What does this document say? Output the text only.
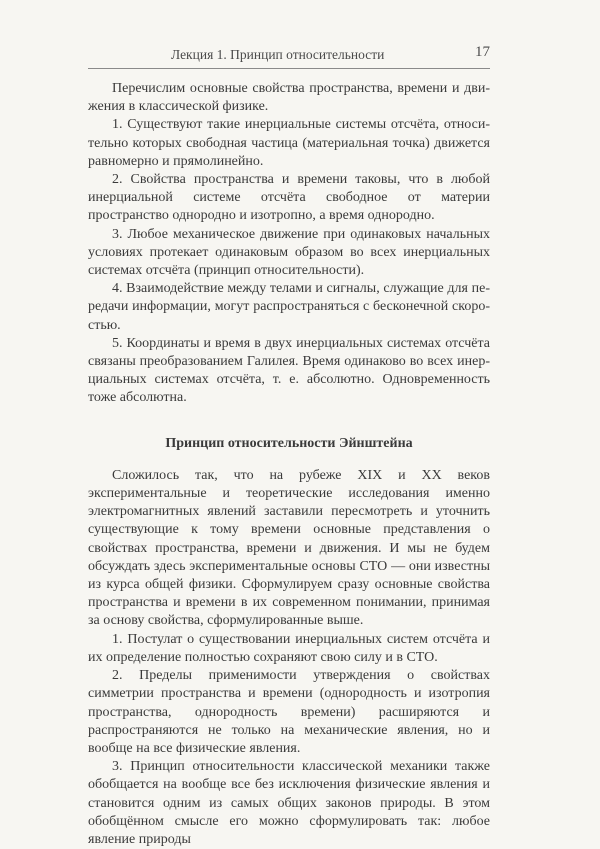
Лекция 1. Принцип относительности	17

Перечислим основные свойства пространства, времени и движения в классической физике.

1. Существуют такие инерциальные системы отсчёта, относительно которых свободная частица (материальная точка) движется равномерно и прямолинейно.

2. Свойства пространства и времени таковы, что в любой инерциальной системе отсчёта свободное от материи пространство однородно и изотропно, а время однородно.

3. Любое механическое движение при одинаковых начальных условиях протекает одинаковым образом во всех инерциальных системах отсчёта (принцип относительности).

4. Взаимодействие между телами и сигналы, служащие для передачи информации, могут распространяться с бесконечной скоростью.

5. Координаты и время в двух инерциальных системах отсчёта связаны преобразованием Галилея. Время одинаково во всех инерциальных системах отсчёта, т. е. абсолютно. Одновременность тоже абсолютна.

Принцип относительности Эйнштейна

Сложилось так, что на рубеже XIX и XX веков экспериментальные и теоретические исследования именно электромагнитных явлений заставили пересмотреть и уточнить существующие к тому времени основные представления о свойствах пространства, времени и движения. И мы не будем обсуждать здесь экспериментальные основы СТО — они известны из курса общей физики. Сформулируем сразу основные свойства пространства и времени в их современном понимании, принимая за основу свойства, сформулированные выше.

1. Постулат о существовании инерциальных систем отсчёта и их определение полностью сохраняют свою силу и в СТО.

2. Пределы применимости утверждения о свойствах симметрии пространства и времени (однородность и изотропия пространства, однородность времени) расширяются и распространяются не только на механические явления, но и вообще на все физические явления.

3. Принцип относительности классической механики также обобщается на вообще все без исключения физические явления и становится одним из самых общих законов природы. В этом обобщённом смысле его можно сформулировать так: любое явление природы
